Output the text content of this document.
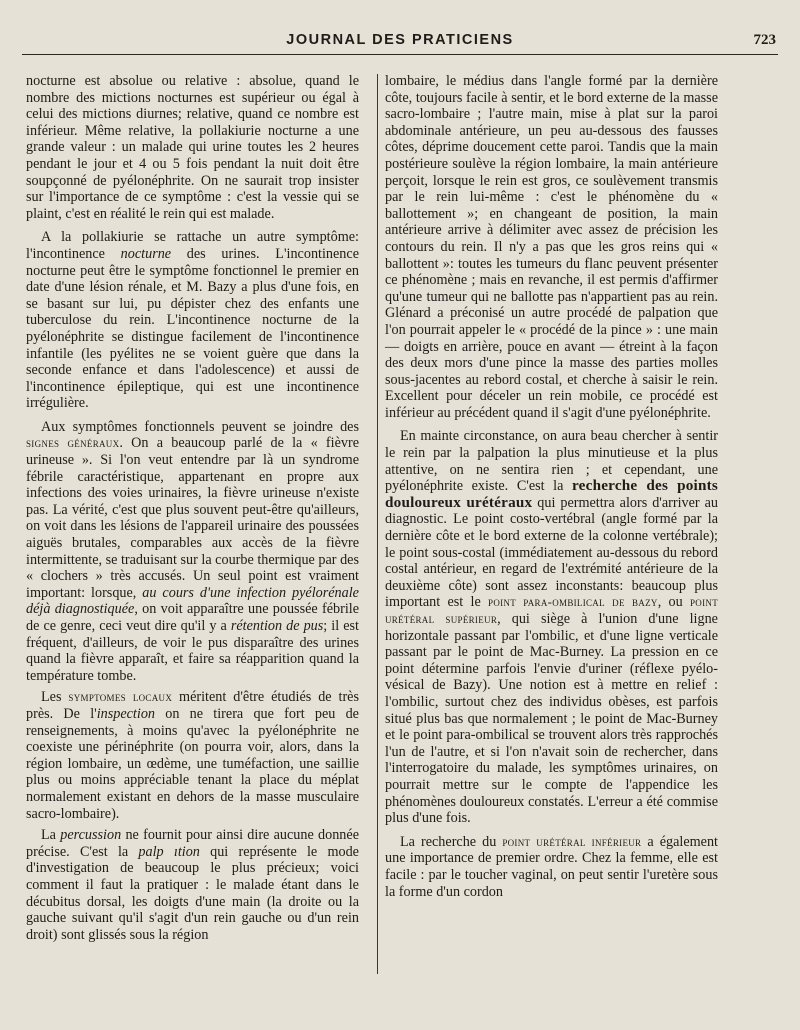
JOURNAL DES PRATICIENS	723

nocturne est absolue ou relative : absolue, quand le nombre des mictions nocturnes est supérieur ou égal à celui des mictions diurnes; relative, quand ce nombre est inférieur. Même relative, la pollakiurie nocturne a une grande valeur : un malade qui urine toutes les 2 heures pendant le jour et 4 ou 5 fois pendant la nuit doit être soupçonné de pyélonéphrite. On ne saurait trop insister sur l'importance de ce symptôme : c'est la vessie qui se plaint, c'est en réalité le rein qui est malade.

A la pollakiurie se rattache un autre symptôme: l'incontinence nocturne des urines. L'incontinence nocturne peut être le symptôme fonctionnel le premier en date d'une lésion rénale, et M. Bazy a plus d'une fois, en se basant sur lui, pu dépister chez des enfants une tuberculose du rein. L'incontinence nocturne de la pyélonéphrite se distingue facilement de l'incontinence infantile (les pyélites ne se voient guère que dans la seconde enfance et dans l'adolescence) et aussi de l'incontinence épileptique, qui est une incontinence irrégulière.

Aux symptômes fonctionnels peuvent se joindre des signes généraux. On a beaucoup parlé de la « fièvre urineuse ». Si l'on veut entendre par là un syndrome fébrile caractéristique, appartenant en propre aux infections des voies urinaires, la fièvre urineuse n'existe pas. La vérité, c'est que plus souvent peut-être qu'ailleurs, on voit dans les lésions de l'appareil urinaire des poussées aiguës brutales, comparables aux accès de la fièvre intermittente, se traduisant sur la courbe thermique par des « clochers » très accusés. Un seul point est vraiment important: lorsque, au cours d'une infection pyélorénale déjà diagnostiquée, on voit apparaître une poussée fébrile de ce genre, ceci veut dire qu'il y a rétention de pus; il est fréquent, d'ailleurs, de voir le pus disparaître des urines quand la fièvre apparaît, et faire sa réapparition quand la température tombe.

Les symptomes locaux méritent d'être étudiés de très près. De l'inspection on ne tirera que fort peu de renseignements, à moins qu'avec la pyélonéphrite ne coexiste une périnéphrite (on pourra voir, alors, dans la région lombaire, un œdème, une tuméfaction, une saillie plus ou moins appréciable tenant la place du méplat normalement existant en dehors de la masse musculaire sacro-lombaire).

La percussion ne fournit pour ainsi dire aucune donnée précise. C'est la palp ıtion qui représente le mode d'investigation de beaucoup le plus précieux; voici comment il faut la pratiquer : le malade étant dans le décubitus dorsal, les doigts d'une main (la droite ou la gauche suivant qu'il s'agit d'un rein gauche ou d'un rein droit) sont glissés sous la région

lombaire, le médius dans l'angle formé par la dernière côte, toujours facile à sentir, et le bord externe de la masse sacro-lombaire ; l'autre main, mise à plat sur la paroi abdominale antérieure, un peu au-dessous des fausses côtes, déprime doucement cette paroi. Tandis que la main postérieure soulève la région lombaire, la main antérieure perçoit, lorsque le rein est gros, ce soulèvement transmis par le rein lui-même : c'est le phénomène du « ballottement »; en changeant de position, la main antérieure arrive à délimiter avec assez de précision les contours du rein. Il n'y a pas que les gros reins qui « ballottent »: toutes les tumeurs du flanc peuvent présenter ce phénomène ; mais en revanche, il est permis d'affirmer qu'une tumeur qui ne ballotte pas n'appartient pas au rein. Glénard a préconisé un autre procédé de palpation que l'on pourrait appeler le « procédé de la pince » : une main — doigts en arrière, pouce en avant — étreint à la façon des deux mors d'une pince la masse des parties molles sous-jacentes au rebord costal, et cherche à saisir le rein. Excellent pour déceler un rein mobile, ce procédé est inférieur au précédent quand il s'agit d'une pyélonéphrite.

En mainte circonstance, on aura beau chercher à sentir le rein par la palpation la plus minutieuse et la plus attentive, on ne sentira rien ; et cependant, une pyélonéphrite existe. C'est la recherche des points douloureux urétéraux qui permettra alors d'arriver au diagnostic. Le point costo-vertébral (angle formé par la dernière côte et le bord externe de la colonne vertébrale); le point sous-costal (immédiatement au-dessous du rebord costal antérieur, en regard de l'extrémité antérieure de la deuxième côte) sont assez inconstants: beaucoup plus important est le point para-ombilical de bazy, ou point urétéral supérieur, qui siège à l'union d'une ligne horizontale passant par l'ombilic, et d'une ligne verticale passant par le point de Mac-Burney. La pression en ce point détermine parfois l'envie d'uriner (réflexe pyélo-vésical de Bazy). Une notion est à mettre en relief : l'ombilic, surtout chez des individus obèses, est parfois situé plus bas que normalement ; le point de Mac-Burney et le point para-ombilical se trouvent alors très rapprochés l'un de l'autre, et si l'on n'avait soin de rechercher, dans l'interrogatoire du malade, les symptômes urinaires, on pourrait mettre sur le compte de l'appendice les phénomènes douloureux constatés. L'erreur a été commise plus d'une fois.

La recherche du point urétéral inférieur a également une importance de premier ordre. Chez la femme, elle est facile : par le toucher vaginal, on peut sentir l'uretère sous la forme d'un cordon
